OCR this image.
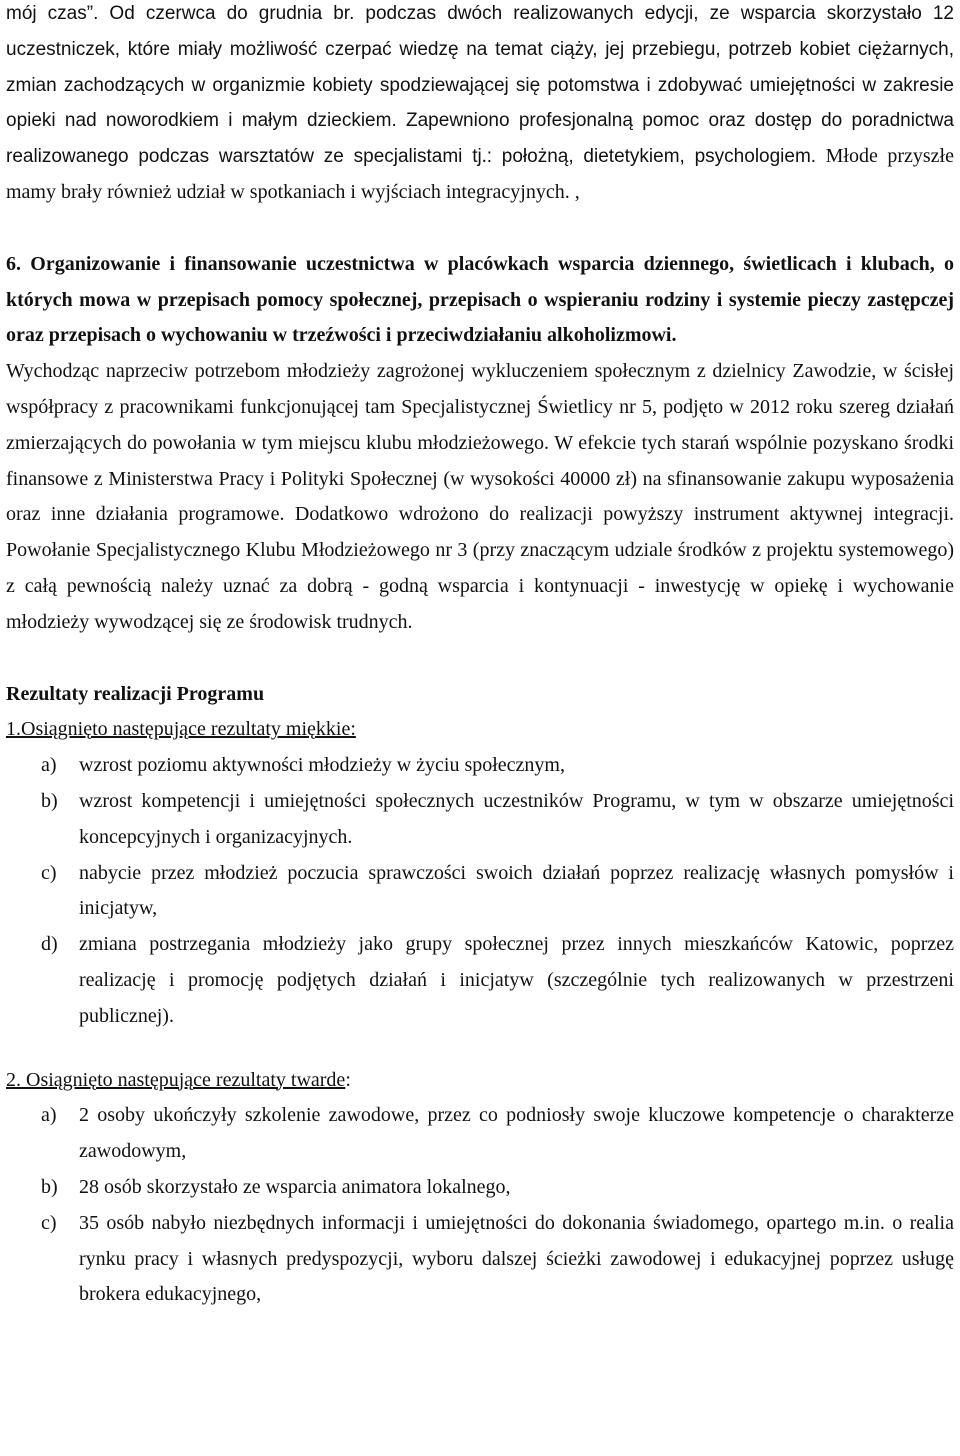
mój czas”. Od czerwca do grudnia br. podczas dwóch realizowanych edycji, ze wsparcia skorzystało 12 uczestniczek, które miały możliwość czerpać wiedzę na temat ciąży, jej przebiegu, potrzeb kobiet ciężarnych, zmian zachodzących w organizmie kobiety spodziewającej się potomstwa i zdobywać umiejętności w zakresie opieki nad noworodkiem i małym dzieckiem. Zapewniono profesjonalną pomoc oraz dostęp do poradnictwa realizowanego podczas warsztatów ze specjalistami tj.: położną, dietetykiem, psychologiem. Młode przyszłe mamy brały również udział w spotkaniach i wyjściach integracyjnych. ,

6. Organizowanie i finansowanie uczestnictwa w placówkach wsparcia dziennego, świetlicach i klubach, o których mowa w przepisach pomocy społecznej, przepisach o wspieraniu rodziny i systemie pieczy zastępczej oraz przepisach o wychowaniu w trzeźwości i przeciwdziałaniu alkoholizmowi.

Wychodząc naprzeciw potrzebom młodzieży zagrożonej wykluczeniem społecznym z dzielnicy Zawodzie, w ścisłej współpracy z pracownikami funkcjonującej tam Specjalistycznej Świetlicy nr 5, podjęto w 2012 roku szereg działań zmierzających do powołania w tym miejscu klubu młodzieżowego. W efekcie tych starań wspólnie pozyskano środki finansowe z Ministerstwa Pracy i Polityki Społecznej (w wysokości 40000 zł) na sfinansowanie zakupu wyposażenia oraz inne działania programowe. Dodatkowo wdrożono do realizacji powyższy instrument aktywnej integracji. Powołanie Specjalistycznego Klubu Młodzieżowego nr 3 (przy znaczącym udziale środków z projektu systemowego) z całą pewnością należy uznać za dobrą - godną wsparcia i kontynuacji - inwestycję w opiekę i wychowanie młodzieży wywodzącej się ze środowisk trudnych.

Rezultaty realizacji Programu

1.Osiągnięto następujące rezultaty miękkie:

a) wzrost poziomu aktywności młodzieży w życiu społecznym,
b) wzrost kompetencji i umiejętności społecznych uczestników Programu, w tym w obszarze umiejętności koncepcyjnych i organizacyjnych.
c) nabycie przez młodzież poczucia sprawczości swoich działań poprzez realizację własnych pomysłów i inicjatyw,
d) zmiana postrzegania młodzieży jako grupy społecznej przez innych mieszkańców Katowic, poprzez realizację i promocję podjętych działań i inicjatyw (szczególnie tych realizowanych w przestrzeni publicznej).

2. Osiągnięto następujące rezultaty twarde:

a) 2 osoby ukończyły szkolenie zawodowe, przez co podniosły swoje kluczowe kompetencje o charakterze zawodowym,
b) 28 osób skorzystało ze wsparcia animatora lokalnego,
c) 35 osób nabyło niezbędnych informacji i umiejętności do dokonania świadomego, opartego m.in. o realia rynku pracy i własnych predyspozycji, wyboru dalszej ścieżki zawodowej i edukacyjnej poprzez usługę brokera edukacyjnego,
